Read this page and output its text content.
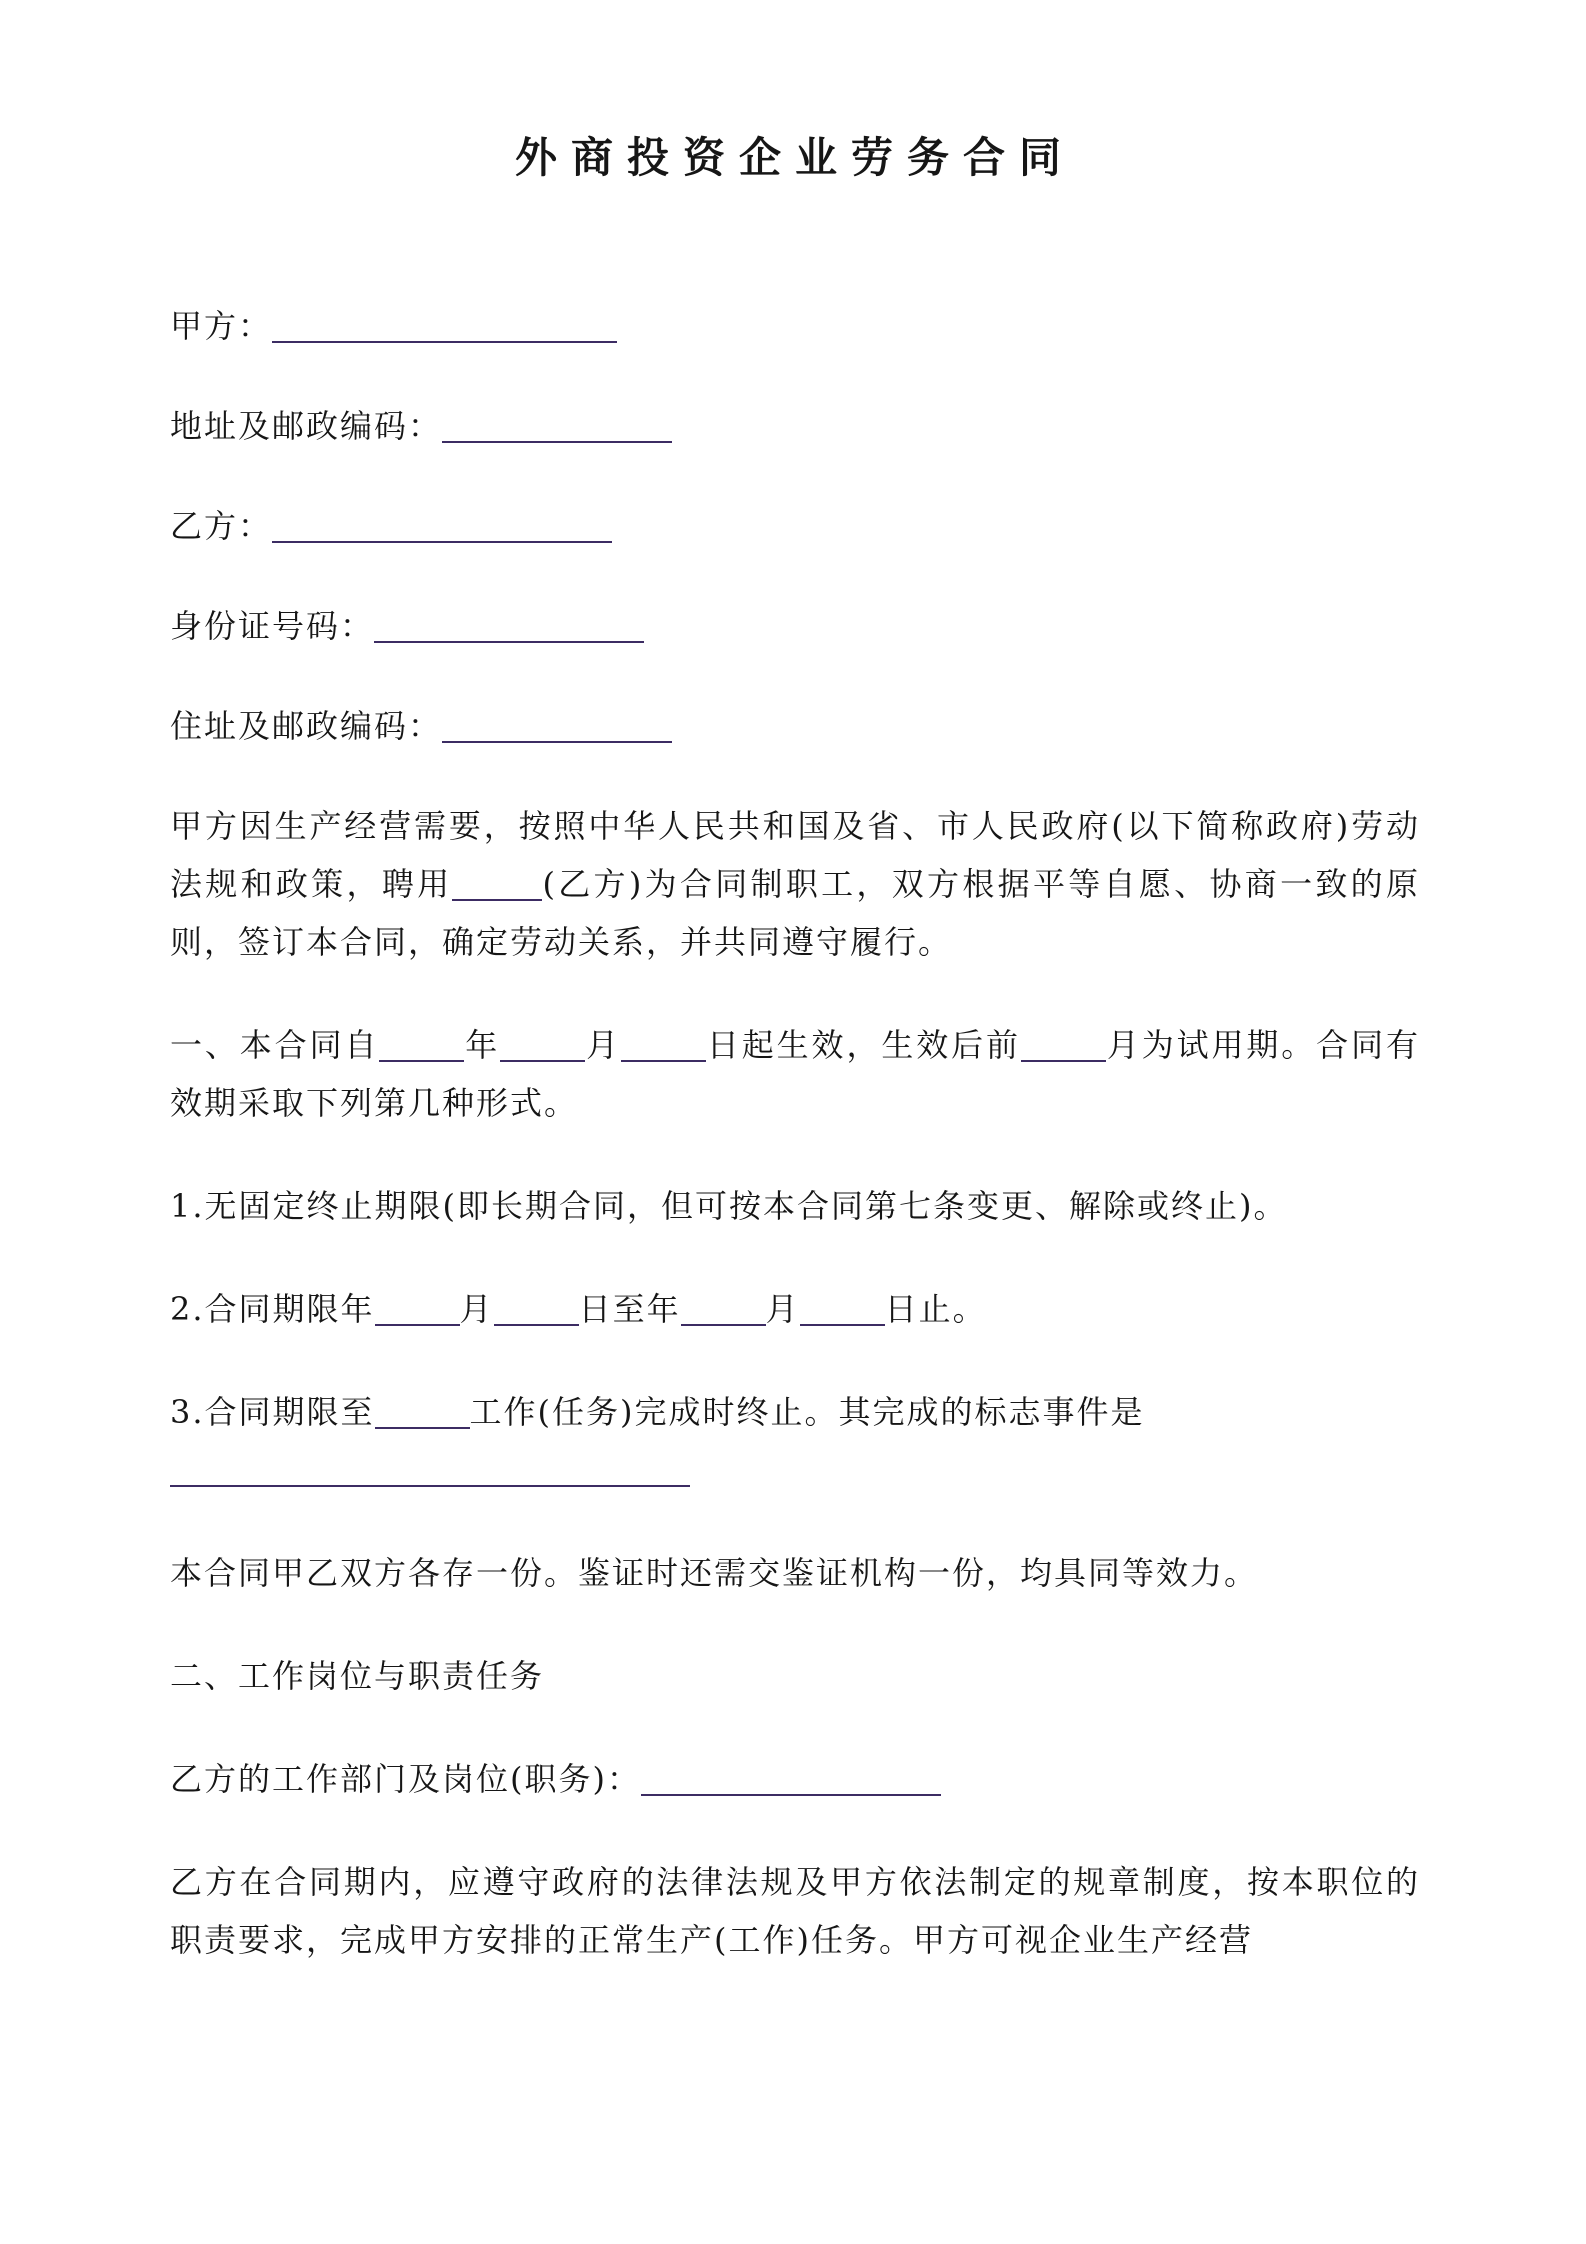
外商投资企业劳务合同
甲方：
地址及邮政编码：
乙方：
身份证号码：
住址及邮政编码：

甲方因生产经营需要，按照中华人民共和国及省、市人民政府(以下简称政府)劳动法规和政策，聘用	(乙方)为合同制职工，双方根据平等自愿、协商一致的原则，签订本合同，确定劳动关系，并共同遵守履行。

一、本合同自	年	月	日起生效，生效后前	月为试用期。合同有效期采取下列第几种形式。

1.无固定终止期限(即长期合同，但可按本合同第七条变更、解除或终止)。

2.合同期限年	月	日至年	月	日止。

3.合同期限至	工作(任务)完成时终止。其完成的标志事件是

本合同甲乙双方各存一份。鉴证时还需交鉴证机构一份，均具同等效力。

二、工作岗位与职责任务

乙方的工作部门及岗位(职务)：

乙方在合同期内，应遵守政府的法律法规及甲方依法制定的规章制度，按本职位的职责要求，完成甲方安排的正常生产(工作)任务。甲方可视企业生产经营
